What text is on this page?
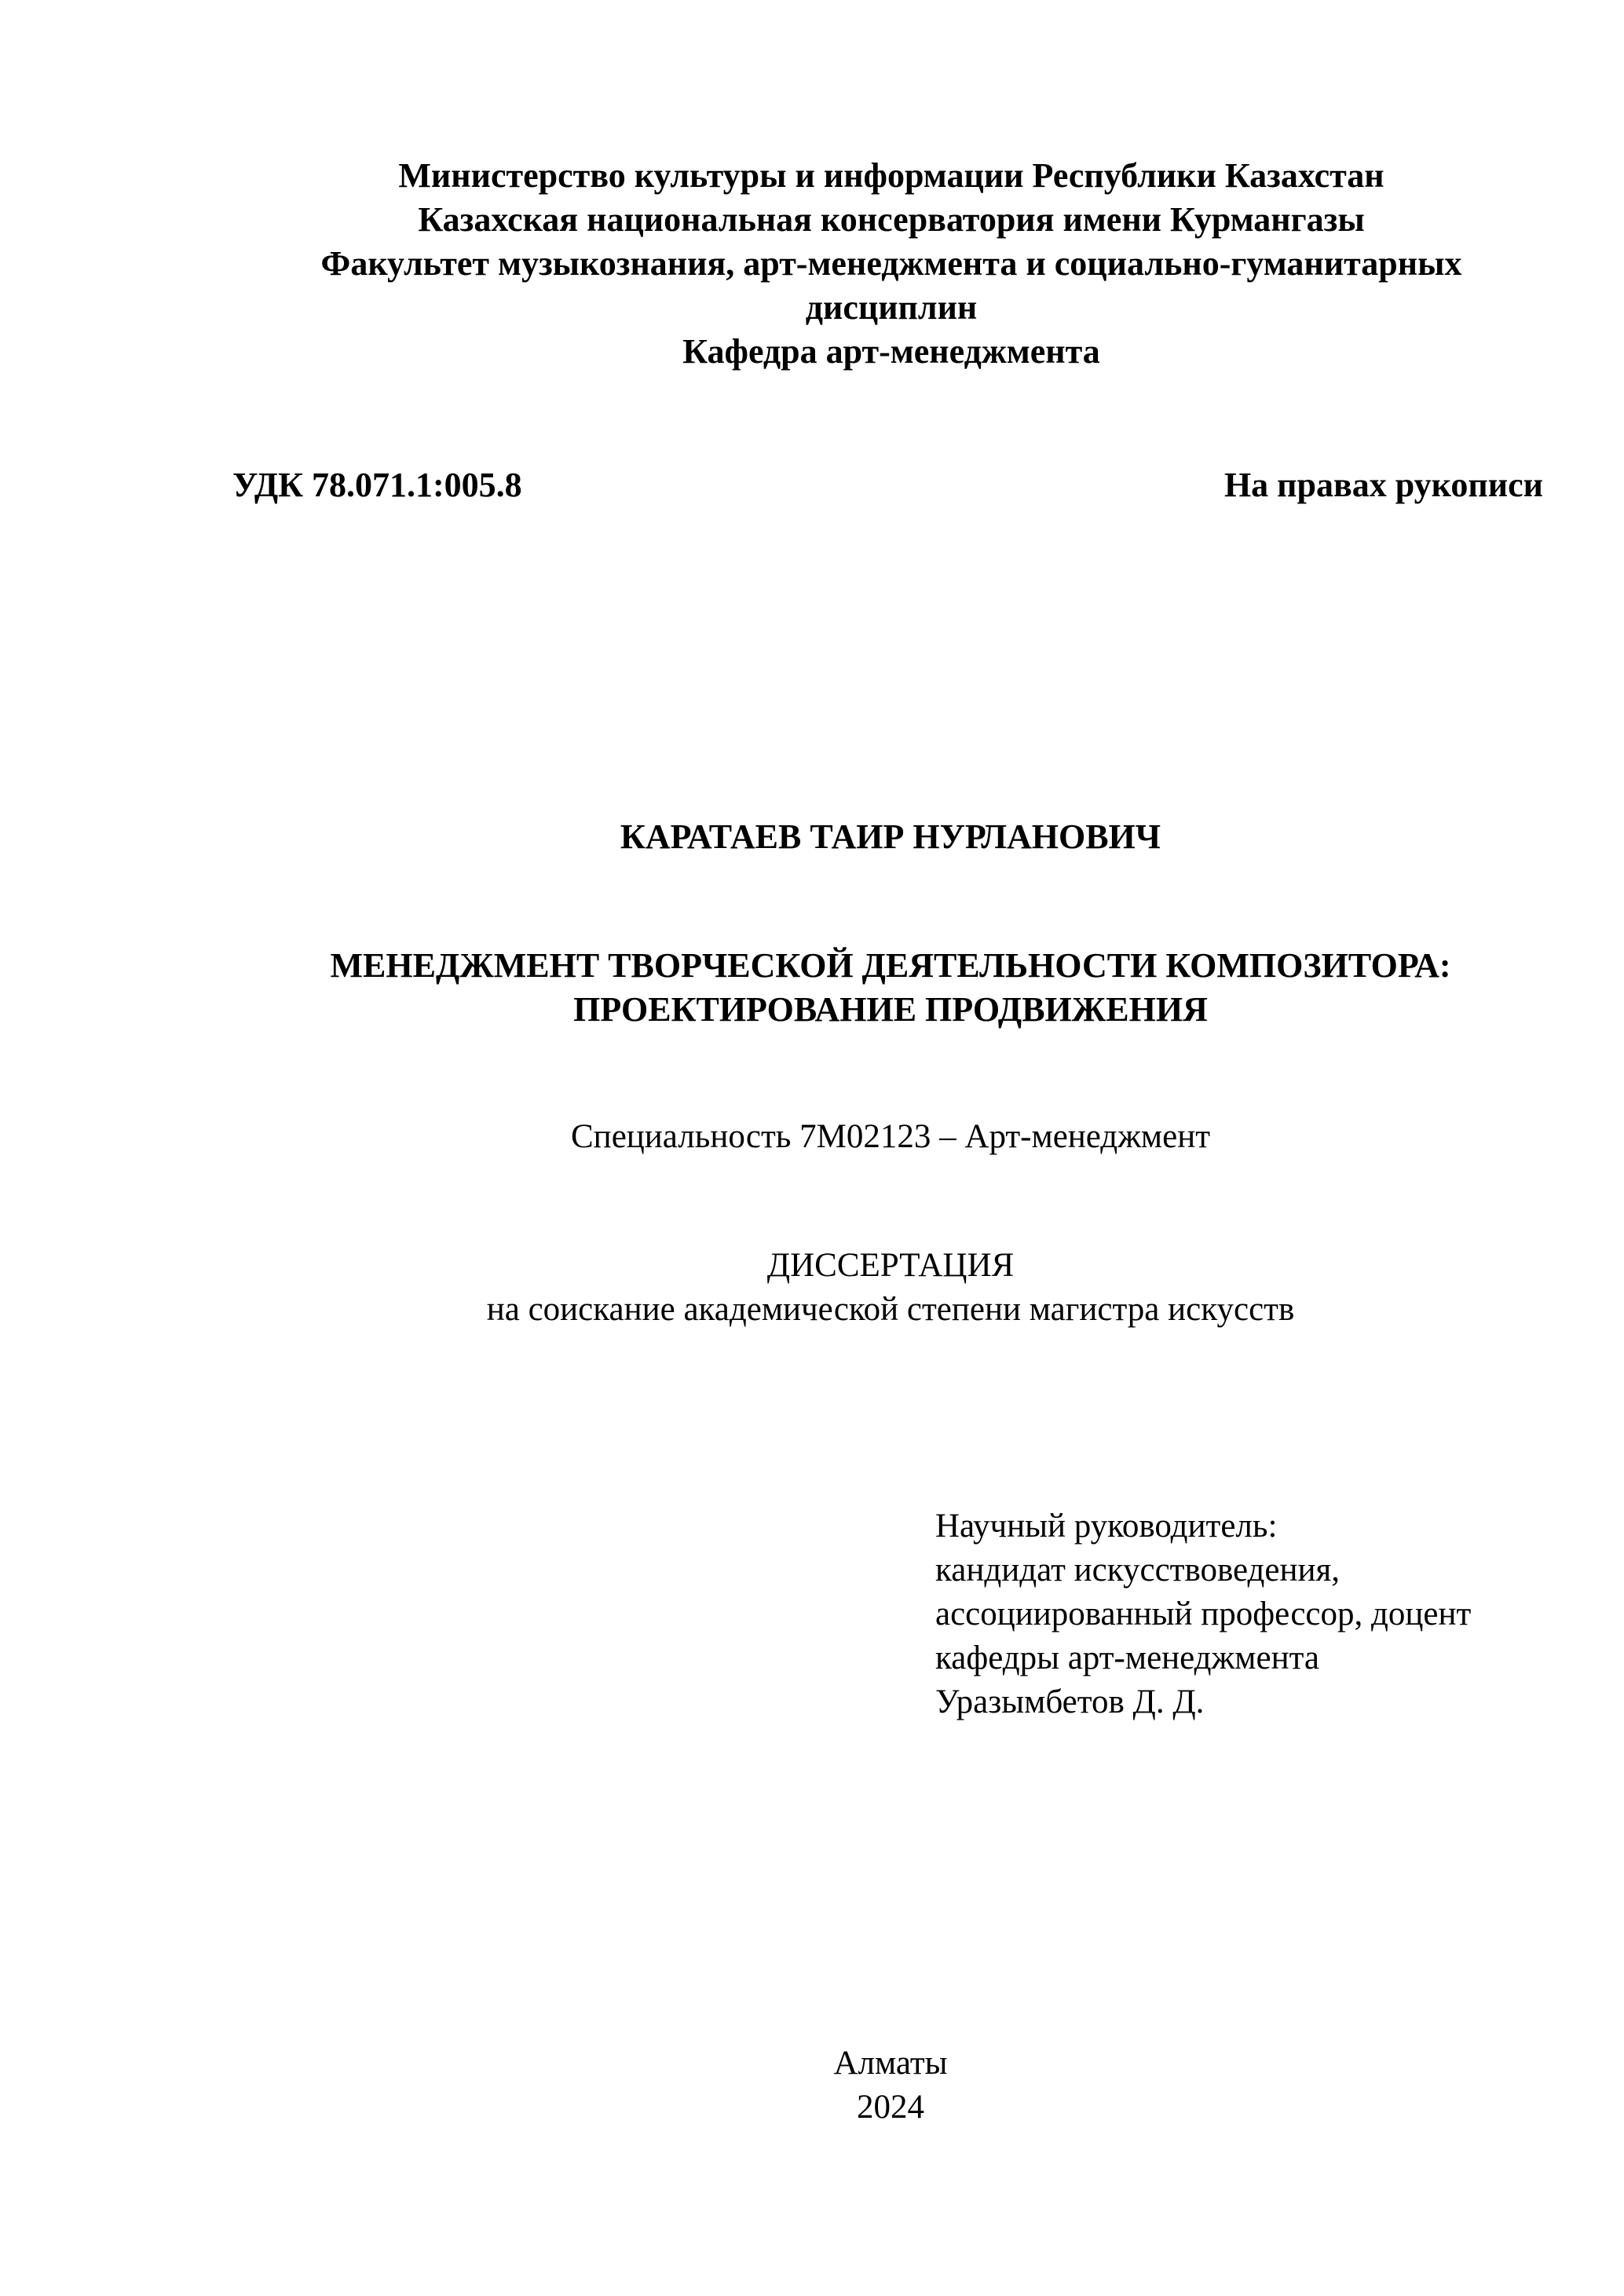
Министерство культуры и информации Республики Казахстан
Казахская национальная консерватория имени Курмангазы
Факультет музыкознания, арт-менеджмента и социально-гуманитарных
дисциплин
Кафедра арт-менеджмента
УДК 78.071.1:005.8	На правах рукописи
КАРАТАЕВ ТАИР НУРЛАНОВИЧ
МЕНЕДЖМЕНТ ТВОРЧЕСКОЙ ДЕЯТЕЛЬНОСТИ КОМПОЗИТОРА:
ПРОЕКТИРОВАНИЕ ПРОДВИЖЕНИЯ
Специальность 7М02123 – Арт-менеджмент
ДИССЕРТАЦИЯ
на соискание академической степени магистра искусств
Научный руководитель:
кандидат искусствоведения,
ассоциированный профессор, доцент
кафедры арт-менеджмента
Уразымбетов Д. Д.
Алматы
2024
